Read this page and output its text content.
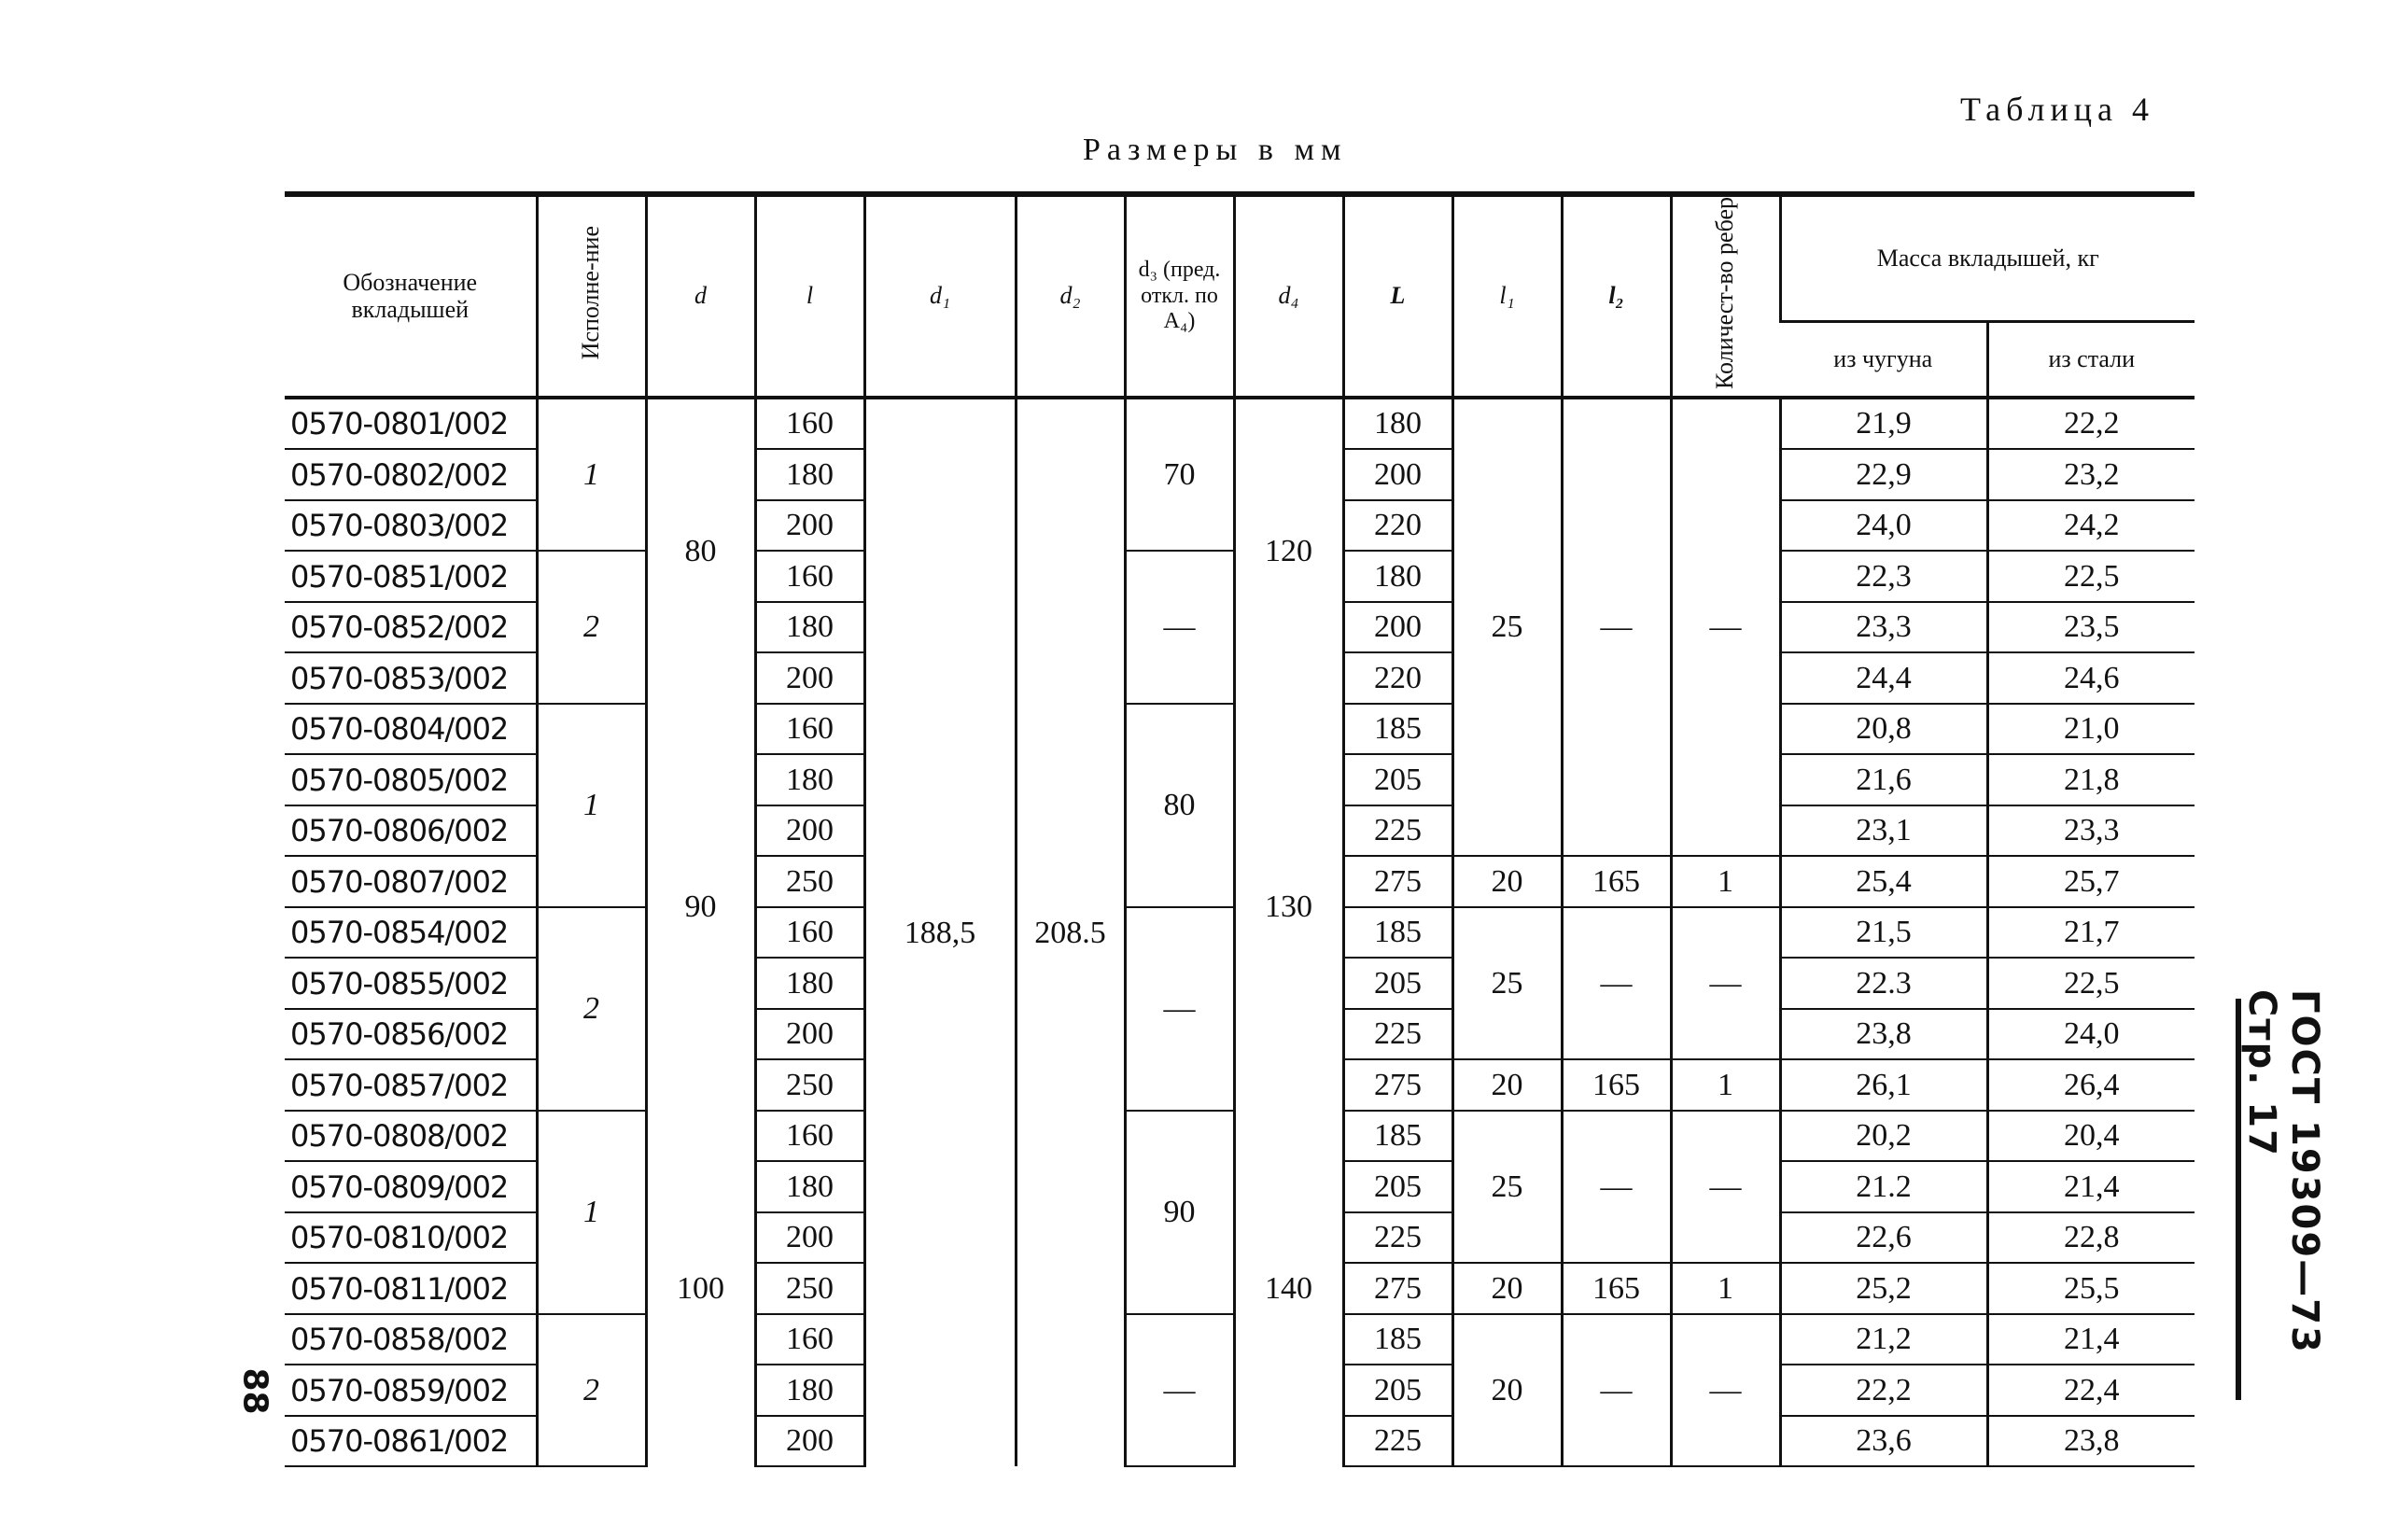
Таблица 4
Размеры в мм
Обозначение вкладышей	Исполне-ние	d	l	d₁	d₂	d₃ (пред. откл. по A₄)	d₄	L	l₁	l₂	Количест-во ребер	Масса вкладышей, кг	
												из чугуна	из стали
0570-0801/002	1	80	160	188,5	208.5	70	120	180	25	—	—	21,9	22,2
0570-0802/002			180					200				22,9	23,2
0570-0803/002			200					220				24,0	24,2
0570-0851/002	2		160			—		180				22,3	22,5
0570-0852/002			180					200				23,3	23,5
0570-0853/002			200					220				24,4	24,6
0570-0804/002	1	90	160			80	130	185				20,8	21,0
0570-0805/002			180					205				21,6	21,8
0570-0806/002			200					225				23,1	23,3
0570-0807/002			250					275	20	165	1	25,4	25,7
0570-0854/002	2		160			—		185	25	—	—	21,5	21,7
0570-0855/002			180					205				22.3	22,5
0570-0856/002			200					225				23,8	24,0
0570-0857/002			250					275	20	165	1	26,1	26,4
0570-0808/002	1	100	160			90	140	185	25	—	—	20,2	20,4
0570-0809/002			180					205				21.2	21,4
0570-0810/002			200					225				22,6	22,8
0570-0811/002			250					275	20	165	1	25,2	25,5
0570-0858/002	2		160			—		185	20	—	—	21,2	21,4
0570-0859/002			180					205				22,2	22,4
0570-0861/002			200					225				23,6	23,8
ГОСТ 19309—73 Стр. 17
88
